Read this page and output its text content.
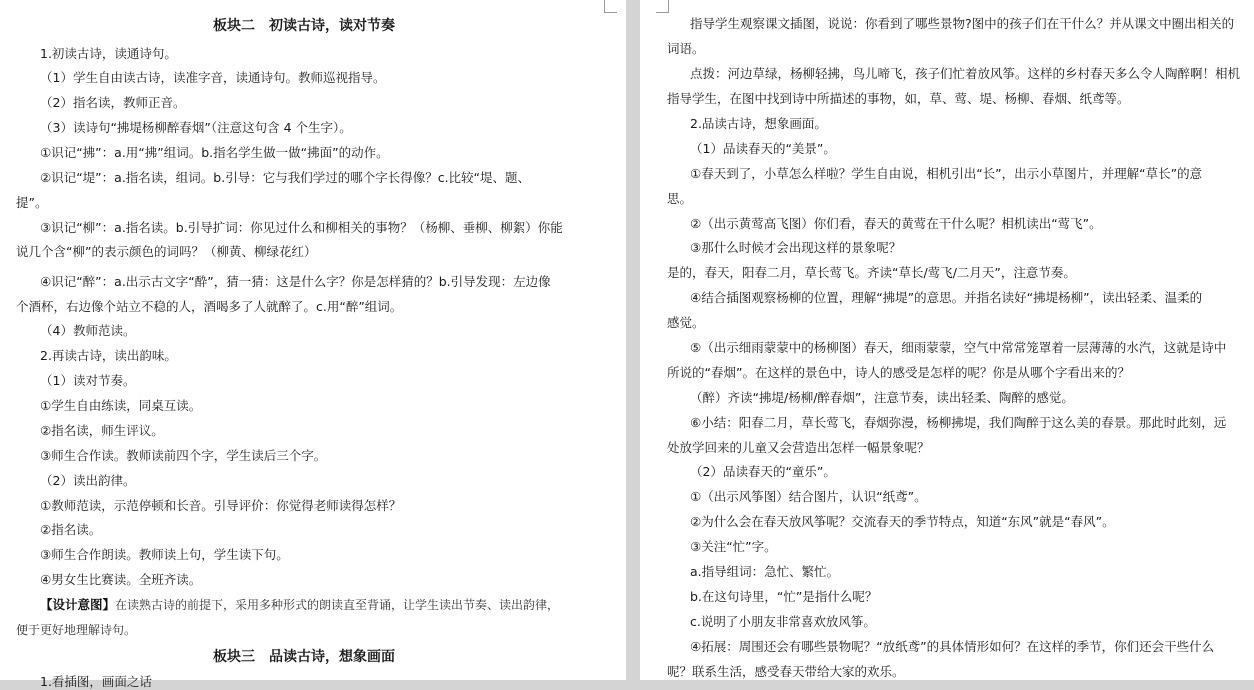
板块二　初读古诗，读对节奏
1.初读古诗，读通诗句。
（1）学生自由读古诗，读准字音，读通诗句。教师巡视指导。
（2）指名读，教师正音。
（3）读诗句“拂堤杨柳醉春烟”（注意这句含 4 个生字）。
①识记“拂”：a.用“拂”组词。b.指名学生做一做“拂面”的动作。
②识记“堤”：a.指名读，组词。b.引导：它与我们学过的哪个字长得像？c.比较“堤、题、
提”。
③识记“柳”：a.指名读。b.引导扩词：你见过什么和柳相关的事物？（杨柳、垂柳、柳絮）你能
说几个含“柳”的表示颜色的词吗？（柳黄、柳绿花红）
④识记“醉”：a.出示古文字“酔”，猜一猜：这是什么字？你是怎样猜的？b.引导发现：左边像
个酒杯，右边像个站立不稳的人，酒喝多了人就醉了。c.用“醉”组词。
（4）教师范读。
2.再读古诗，读出韵味。
（1）读对节奏。
①学生自由练读，同桌互读。
②指名读，师生评议。
③师生合作读。教师读前四个字，学生读后三个字。
（2）读出韵律。
①教师范读，示范停顿和长音。引导评价：你觉得老师读得怎样？
②指名读。
③师生合作朗读。教师读上句，学生读下句。
④男女生比赛读。全班齐读。
【设计意图】在读熟古诗的前提下，采用多种形式的朗读直至背诵，让学生读出节奏、读出韵律，
便于更好地理解诗句。
板块三　品读古诗，想象画面
1.看插图，画面之话
指导学生观察课文插图，说说：你看到了哪些景物?图中的孩子们在干什么？并从课文中圈出相关的
词语。
点拨：河边草绿，杨柳轻拂，鸟儿啼飞，孩子们忙着放风筝。这样的乡村春天多么令人陶醉啊！相机
指导学生，在图中找到诗中所描述的事物，如，草、莺、堤、杨柳、春烟、纸鸢等。
2.品读古诗，想象画面。
（1）品读春天的“美景”。
①春天到了，小草怎么样啦？学生自由说，相机引出“长”，出示小草图片，并理解“草长”的意
思。
②（出示黄莺高飞图）你们看，春天的黄莺在干什么呢？相机读出“莺飞”。
③那什么时候才会出现这样的景象呢？
是的，春天，阳春二月，草长莺飞。齐读“草长/莺飞/二月天”，注意节奏。
④结合插图观察杨柳的位置，理解“拂堤”的意思。并指名读好“拂堤杨柳”，读出轻柔、温柔的
感觉。
⑤（出示细雨蒙蒙中的杨柳图）春天，细雨蒙蒙，空气中常常笼罩着一层薄薄的水汽，这就是诗中
所说的“春烟”。在这样的景色中，诗人的感受是怎样的呢？你是从哪个字看出来的？
（醉）齐读“拂堤/杨柳/醉春烟”，注意节奏，读出轻柔、陶醉的感觉。
⑥小结：阳春二月，草长莺飞，春烟弥漫，杨柳拂堤，我们陶醉于这么美的春景。那此时此刻，远
处放学回来的儿童又会营造出怎样一幅景象呢？
（2）品读春天的“童乐”。
①（出示风筝图）结合图片，认识“纸鸢”。
②为什么会在春天放风筝呢？交流春天的季节特点，知道“东风”就是“春风”。
③关注“忙”字。
a.指导组词：急忙、繁忙。
b.在这句诗里，“忙”是指什么呢？
c.说明了小朋友非常喜欢放风筝。
④拓展：周围还会有哪些景物呢？“放纸鸢”的具体情形如何？在这样的季节，你们还会干些什么
呢？联系生活，感受春天带给大家的欢乐。
